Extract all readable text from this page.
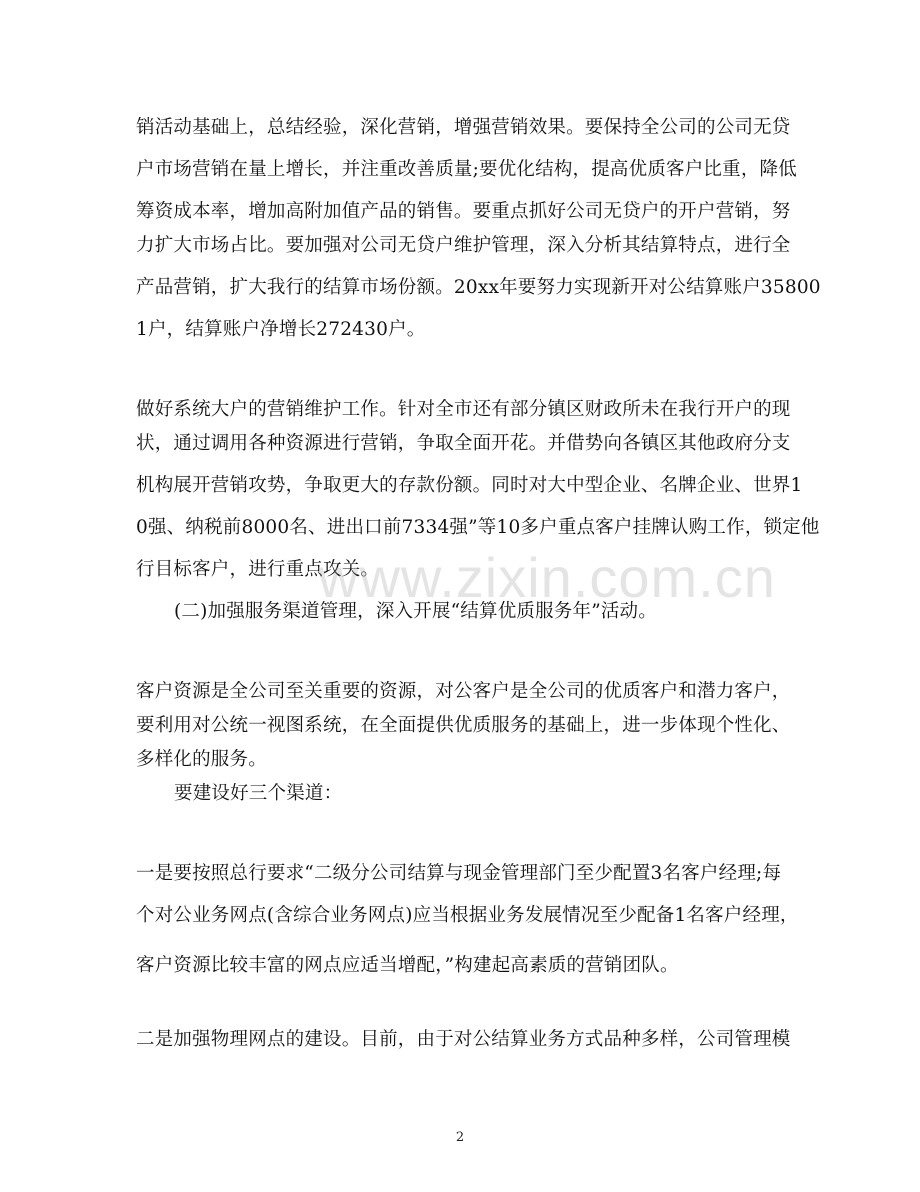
销活动基础上，总结经验，深化营销，增强营销效果。要保持全公司的公司无贷
户市场营销在量上增长，并注重改善质量;要优化结构，提高优质客户比重，降低
筹资成本率，增加高附加值产品的销售。要重点抓好公司无贷户的开户营销，努
力扩大市场占比。要加强对公司无贷户维护管理，深入分析其结算特点，进行全
产品营销，扩大我行的结算市场份额。20xx年要努力实现新开对公结算账户35800
1户，结算账户净增长272430户。
做好系统大户的营销维护工作。针对全市还有部分镇区财政所未在我行开户的现
状，通过调用各种资源进行营销，争取全面开花。并借势向各镇区其他政府分支
机构展开营销攻势，争取更大的存款份额。同时对大中型企业、名牌企业、世界1
0强、纳税前8000名、进出口前7334强”等10多户重点客户挂牌认购工作，锁定他
行目标客户，进行重点攻关。
(二)加强服务渠道管理，深入开展“结算优质服务年”活动。
客户资源是全公司至关重要的资源，对公客户是全公司的优质客户和潜力客户，
要利用对公统一视图系统，在全面提供优质服务的基础上，进一步体现个性化、
多样化的服务。
要建设好三个渠道：
一是要按照总行要求“二级分公司结算与现金管理部门至少配置3名客户经理;每
个对公业务网点(含综合业务网点)应当根据业务发展情况至少配备1名客户经理，
客户资源比较丰富的网点应适当增配，”构建起高素质的营销团队。
二是加强物理网点的建设。目前，由于对公结算业务方式品种多样，公司管理模
www.zixin.com.cn
2
